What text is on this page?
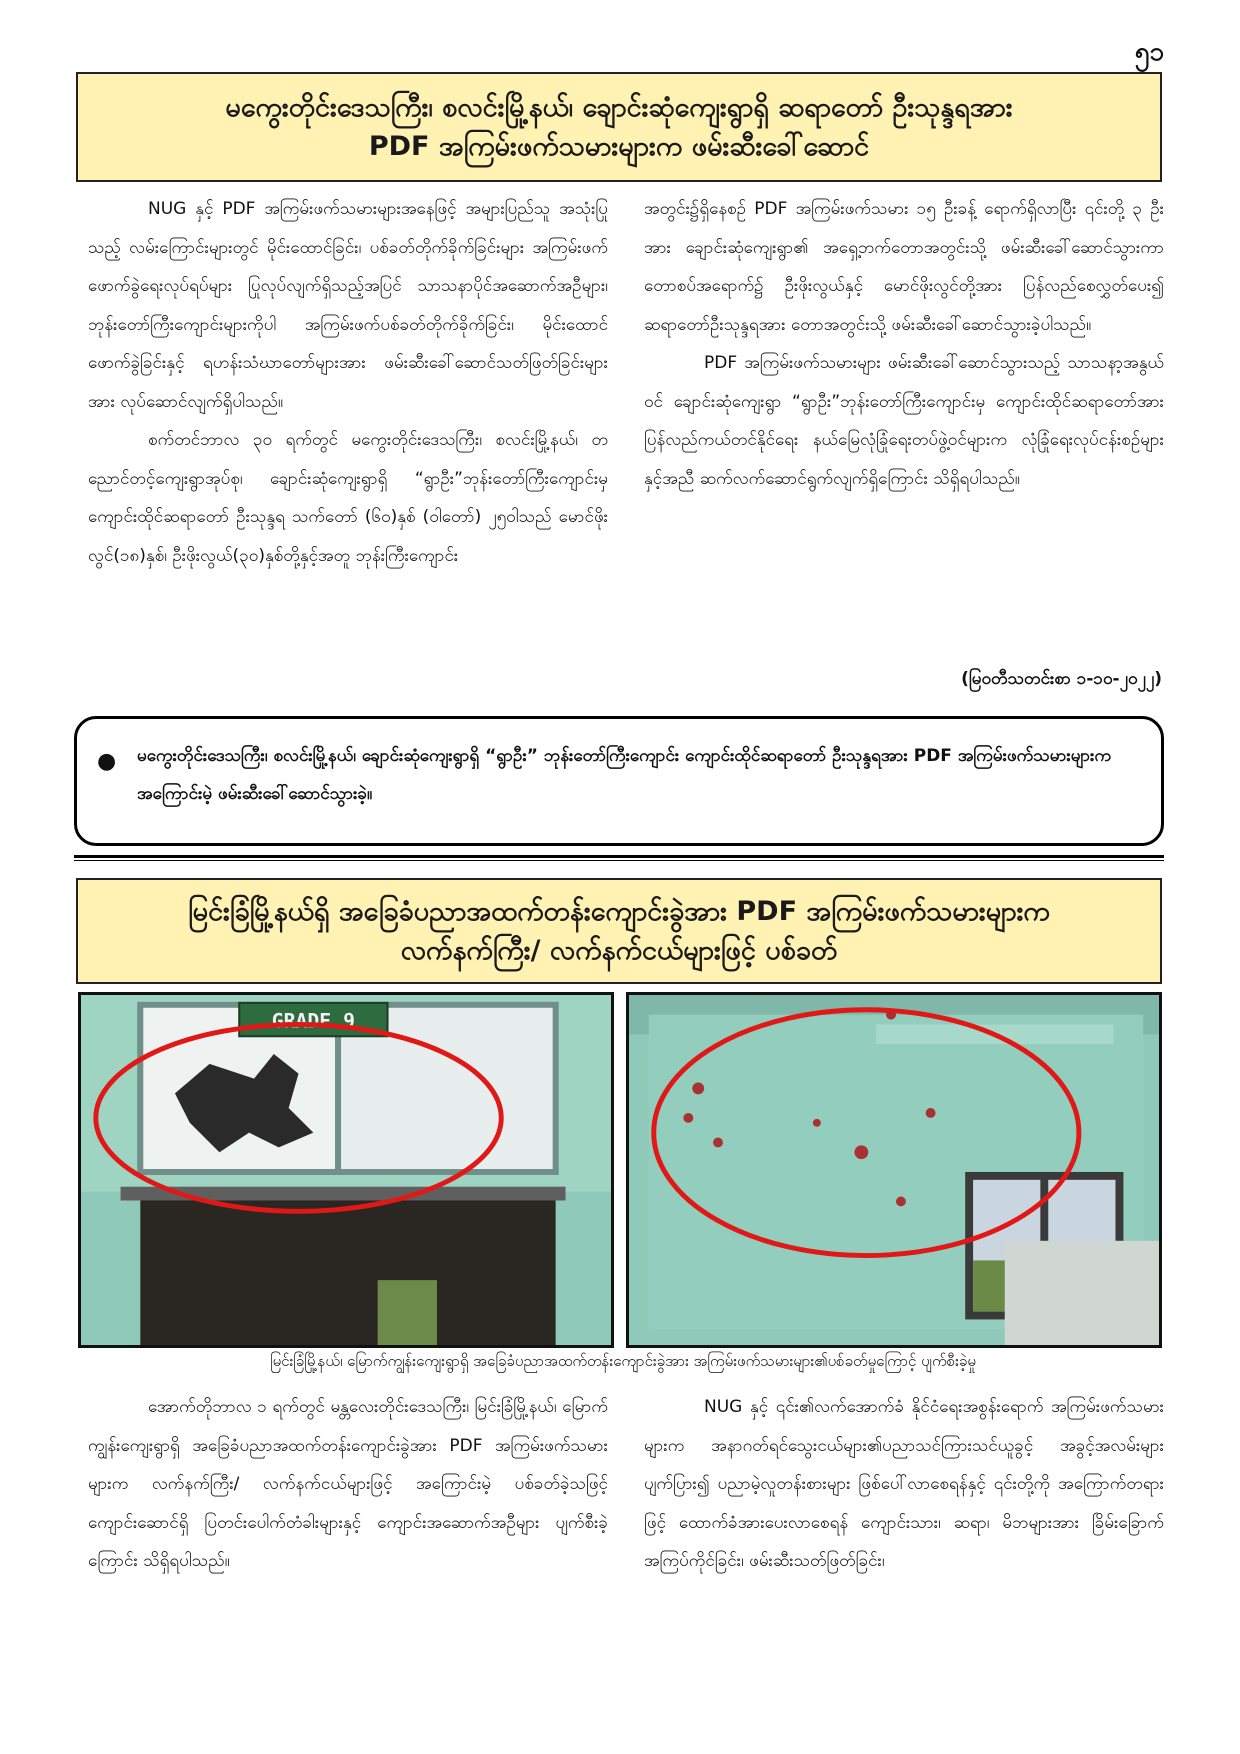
၅၁
မကွေးတိုင်းဒေသကြီး၊ စလင်းမြို့နယ်၊ ချောင်းဆုံကျေးရွာရှိ ဆရာတော် ဦးသုန္ဒရအား
PDF အကြမ်းဖက်သမားများက ဖမ်းဆီးခေါ်ဆောင်

NUG နှင့် PDF အကြမ်းဖက်သမားများအနေဖြင့် အများပြည်သူ အသုံးပြုသည့် လမ်းကြောင်းများတွင် မိုင်းထောင်ခြင်း၊ ပစ်ခတ်တိုက်ခိုက်ခြင်းများ အကြမ်းဖက်ဖောက်ခွဲရေးလုပ်ရပ်များ ပြုလုပ်လျက်ရှိသည့်အပြင် သာသနာပိုင်အဆောက်အဦများ၊ ဘုန်းတော်ကြီးကျောင်းများကိုပါ အကြမ်းဖက်ပစ်ခတ်တိုက်ခိုက်ခြင်း၊ မိုင်းထောင်ဖောက်ခွဲခြင်းနှင့် ရဟန်းသံဃာတော်များအား ဖမ်းဆီးခေါ်ဆောင်သတ်ဖြတ်ခြင်းများအား လုပ်ဆောင်လျက်ရှိပါသည်။

စက်တင်ဘာလ ၃၀ ရက်တွင် မကွေးတိုင်းဒေသကြီး၊ စလင်းမြို့နယ်၊ တညောင်တင့်ကျေးရွာအုပ်စု၊ ချောင်းဆုံကျေးရွာရှိ “ရွာဦး”ဘုန်းတော်ကြီးကျောင်းမှ ကျောင်းထိုင်ဆရာတော် ဦးသုန္ဒရ သက်တော် (၆၀)နှစ် (ဝါတော်) ၂၅ဝါသည် မောင်ဖိုးလွင်(၁၈)နှစ်၊ ဦးဖိုးလွယ်(၃၀)နှစ်တို့နှင့်အတူ ဘုန်းကြီးကျောင်း

အတွင်း၌ရှိနေစဉ် PDF အကြမ်းဖက်သမား ၁၅ ဦးခန့် ရောက်ရှိလာပြီး ၎င်းတို့ ၃ ဦးအား ချောင်းဆုံကျေးရွာ၏ အရှေ့ဘက်တောအတွင်းသို့ ဖမ်းဆီးခေါ်ဆောင်သွားကာ တောစပ်အရောက်၌ ဦးဖိုးလွယ်နှင့် မောင်ဖိုးလွင်တို့အား ပြန်လည်စေလွှတ်ပေး၍ ဆရာတော်ဦးသုန္ဒရအား တောအတွင်းသို့ ဖမ်းဆီးခေါ်ဆောင်သွားခဲ့ပါသည်။

PDF အကြမ်းဖက်သမားများ ဖမ်းဆီးခေါ်ဆောင်သွားသည့် သာသနာ့အနွယ်ဝင် ချောင်းဆုံကျေးရွာ “ရွာဦး”ဘုန်းတော်ကြီးကျောင်းမှ ကျောင်းထိုင်ဆရာတော်အား ပြန်လည်ကယ်တင်နိုင်ရေး နယ်မြေလုံခြုံရေးတပ်ဖွဲ့ဝင်များက လုံခြုံရေးလုပ်ငန်းစဉ်များနှင့်အညီ ဆက်လက်ဆောင်ရွက်လျက်ရှိကြောင်း သိရှိရပါသည်။

(မြဝတီသတင်းစာ ၁-၁၀-၂၀၂၂)
● မကွေးတိုင်းဒေသကြီး၊ စလင်းမြို့နယ်၊ ချောင်းဆုံကျေးရွာရှိ “ရွာဦး” ဘုန်းတော်ကြီးကျောင်း ကျောင်းထိုင်ဆရာတော် ဦးသုန္ဒရအား PDF အကြမ်းဖက်သမားများက အကြောင်းမဲ့ ဖမ်းဆီးခေါ်ဆောင်သွားခဲ့။
မြင်းခြံမြို့နယ်ရှိ အခြေခံပညာအထက်တန်းကျောင်းခွဲအား PDF အကြမ်းဖက်သမားများက
လက်နက်ကြီး/ လက်နက်ငယ်များဖြင့် ပစ်ခတ်
GRADE.9
မြင်းခြံမြို့နယ်၊ မြောက်ကျွန်းကျေးရွာရှိ အခြေခံပညာအထက်တန်းကျောင်းခွဲအား အကြမ်းဖက်သမားများ၏ပစ်ခတ်မှုကြောင့် ပျက်စီးခဲ့မှု

အောက်တိုဘာလ ၁ ရက်တွင် မန္တလေးတိုင်းဒေသကြီး၊ မြင်းခြံမြို့နယ်၊ မြောက်ကျွန်းကျေးရွာရှိ အခြေခံပညာအထက်တန်းကျောင်းခွဲအား PDF အကြမ်းဖက်သမားများက လက်နက်ကြီး/ လက်နက်ငယ်များဖြင့် အကြောင်းမဲ့ ပစ်ခတ်ခဲ့သဖြင့် ကျောင်းဆောင်ရှိ ပြတင်းပေါက်တံခါးများနှင့် ကျောင်းအဆောက်အဦများ ပျက်စီးခဲ့ကြောင်း သိရှိရပါသည်။

NUG နှင့် ၎င်း၏လက်အောက်ခံ နိုင်ငံရေးအစွန်းရောက် အကြမ်းဖက်သမားများက အနာဂတ်ရင်သွေးငယ်များ၏ပညာသင်ကြားသင်ယူခွင့် အခွင့်အလမ်းများ ပျက်ပြား၍ ပညာမဲ့လူတန်းစားများ ဖြစ်ပေါ်လာစေရန်နှင့် ၎င်းတို့ကို အကြောက်တရားဖြင့် ထောက်ခံအားပေးလာစေရန် ကျောင်းသား၊ ဆရာ၊ မိဘများအား ခြိမ်းခြောက်အကြပ်ကိုင်ခြင်း၊ ဖမ်းဆီးသတ်ဖြတ်ခြင်း၊
